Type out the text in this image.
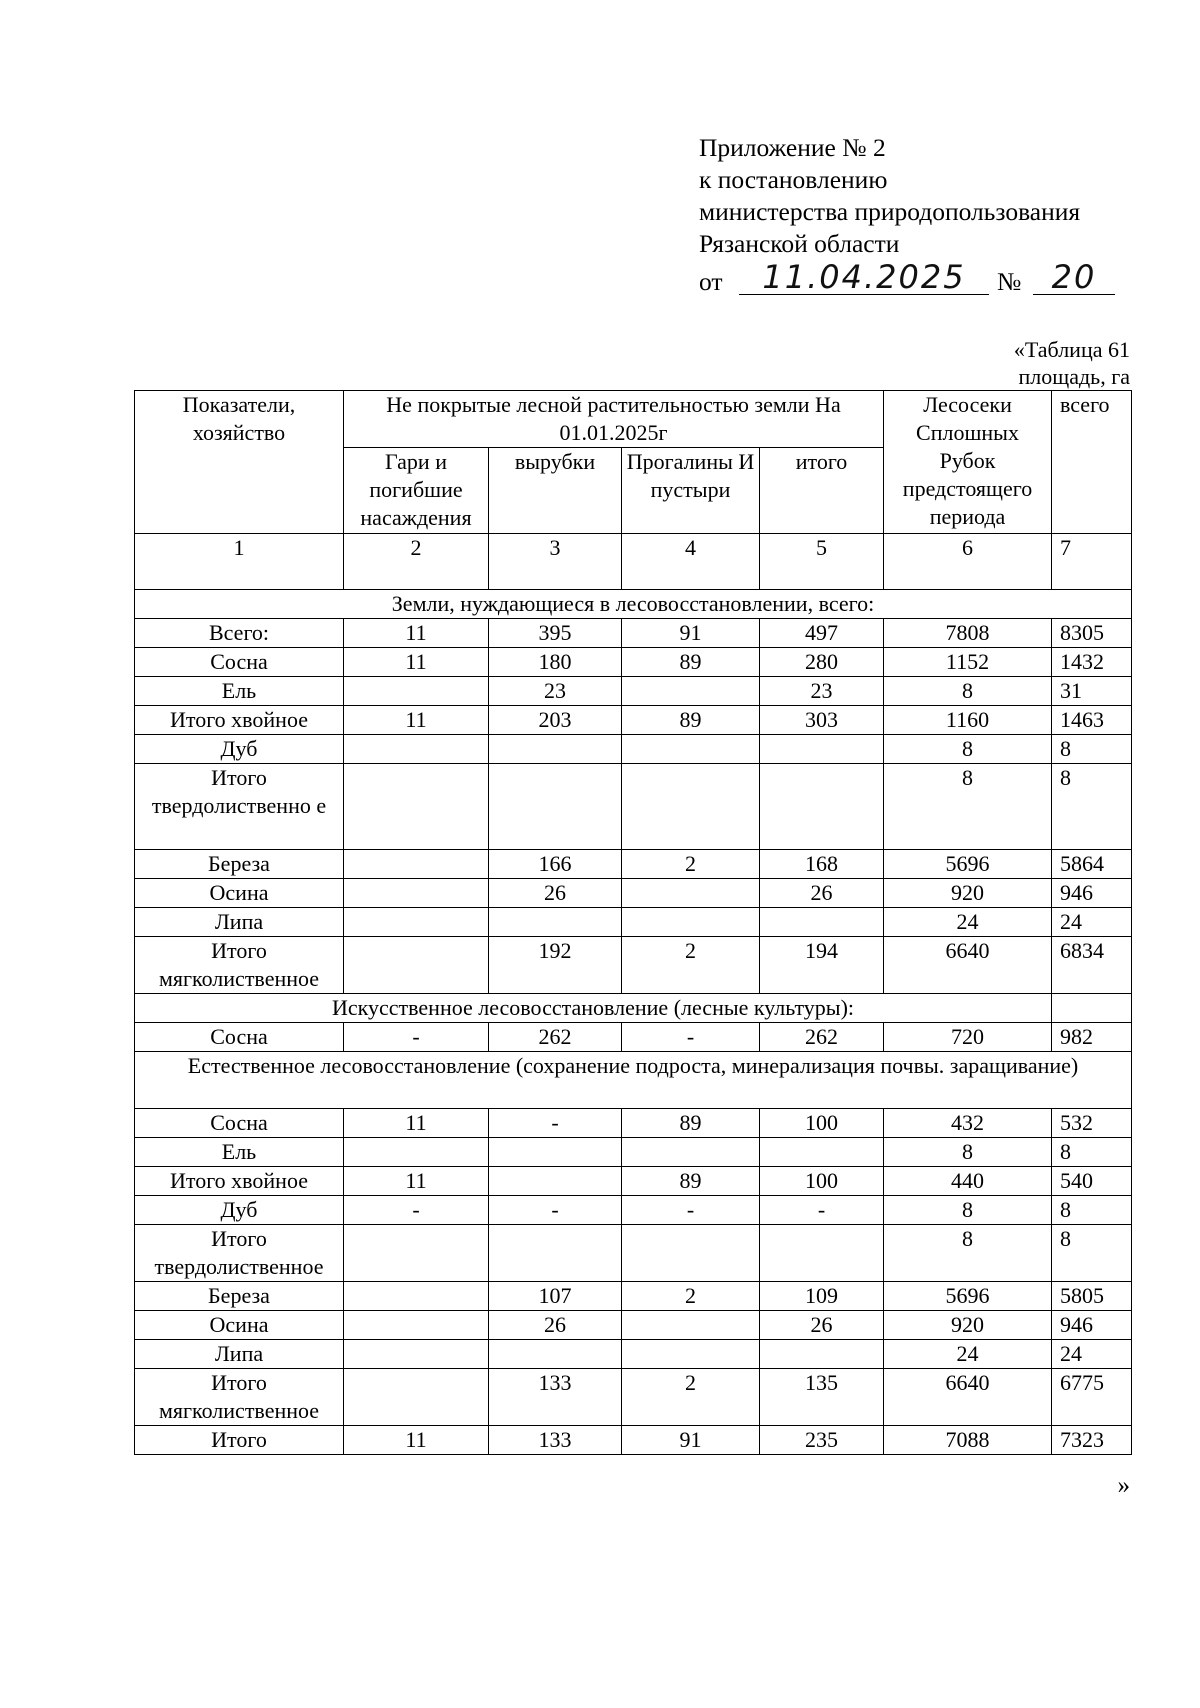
Приложение № 2
к постановлению
министерства природопользования
Рязанской области
от	11.04.2025	№ 20
«Таблица 61
площадь, га
Показатели, хозяйство	Не покрытые лесной растительностью земли На 01.01.2025г				Лесосеки Сплошных Рубок предстоящего периода	всего
	Гари и погибшие насаждения	вырубки	Прогалины И пустыри	итого		
1	2	3	4	5	6	7
Земли, нуждающиеся в лесовосстановлении, всего:						
Всего:	11	395	91	497	7808	8305
Сосна	11	180	89	280	1152	1432
Ель		23		23	8	31
Итого хвойное	11	203	89	303	1160	1463
Дуб					8	8
Итого твердолиственно е					8	8
Береза		166	2	168	5696	5864
Осина		26		26	920	946
Липа					24	24
Итого мягколиственное		192	2	194	6640	6834
Искусственное лесовосстановление (лесные культуры):						
Сосна	-	262	-	262	720	982
Естественное лесовосстановление (сохранение подроста, минерализация почвы. заращивание)						
Сосна	11	-	89	100	432	532
Ель					8	8
Итого хвойное	11		89	100	440	540
Дуб	-	-	-	-	8	8
Итого твердолиственное					8	8
Береза		107	2	109	5696	5805
Осина		26		26	920	946
Липа					24	24
Итого мягколиственное		133	2	135	6640	6775
Итого	11	133	91	235	7088	7323
»
